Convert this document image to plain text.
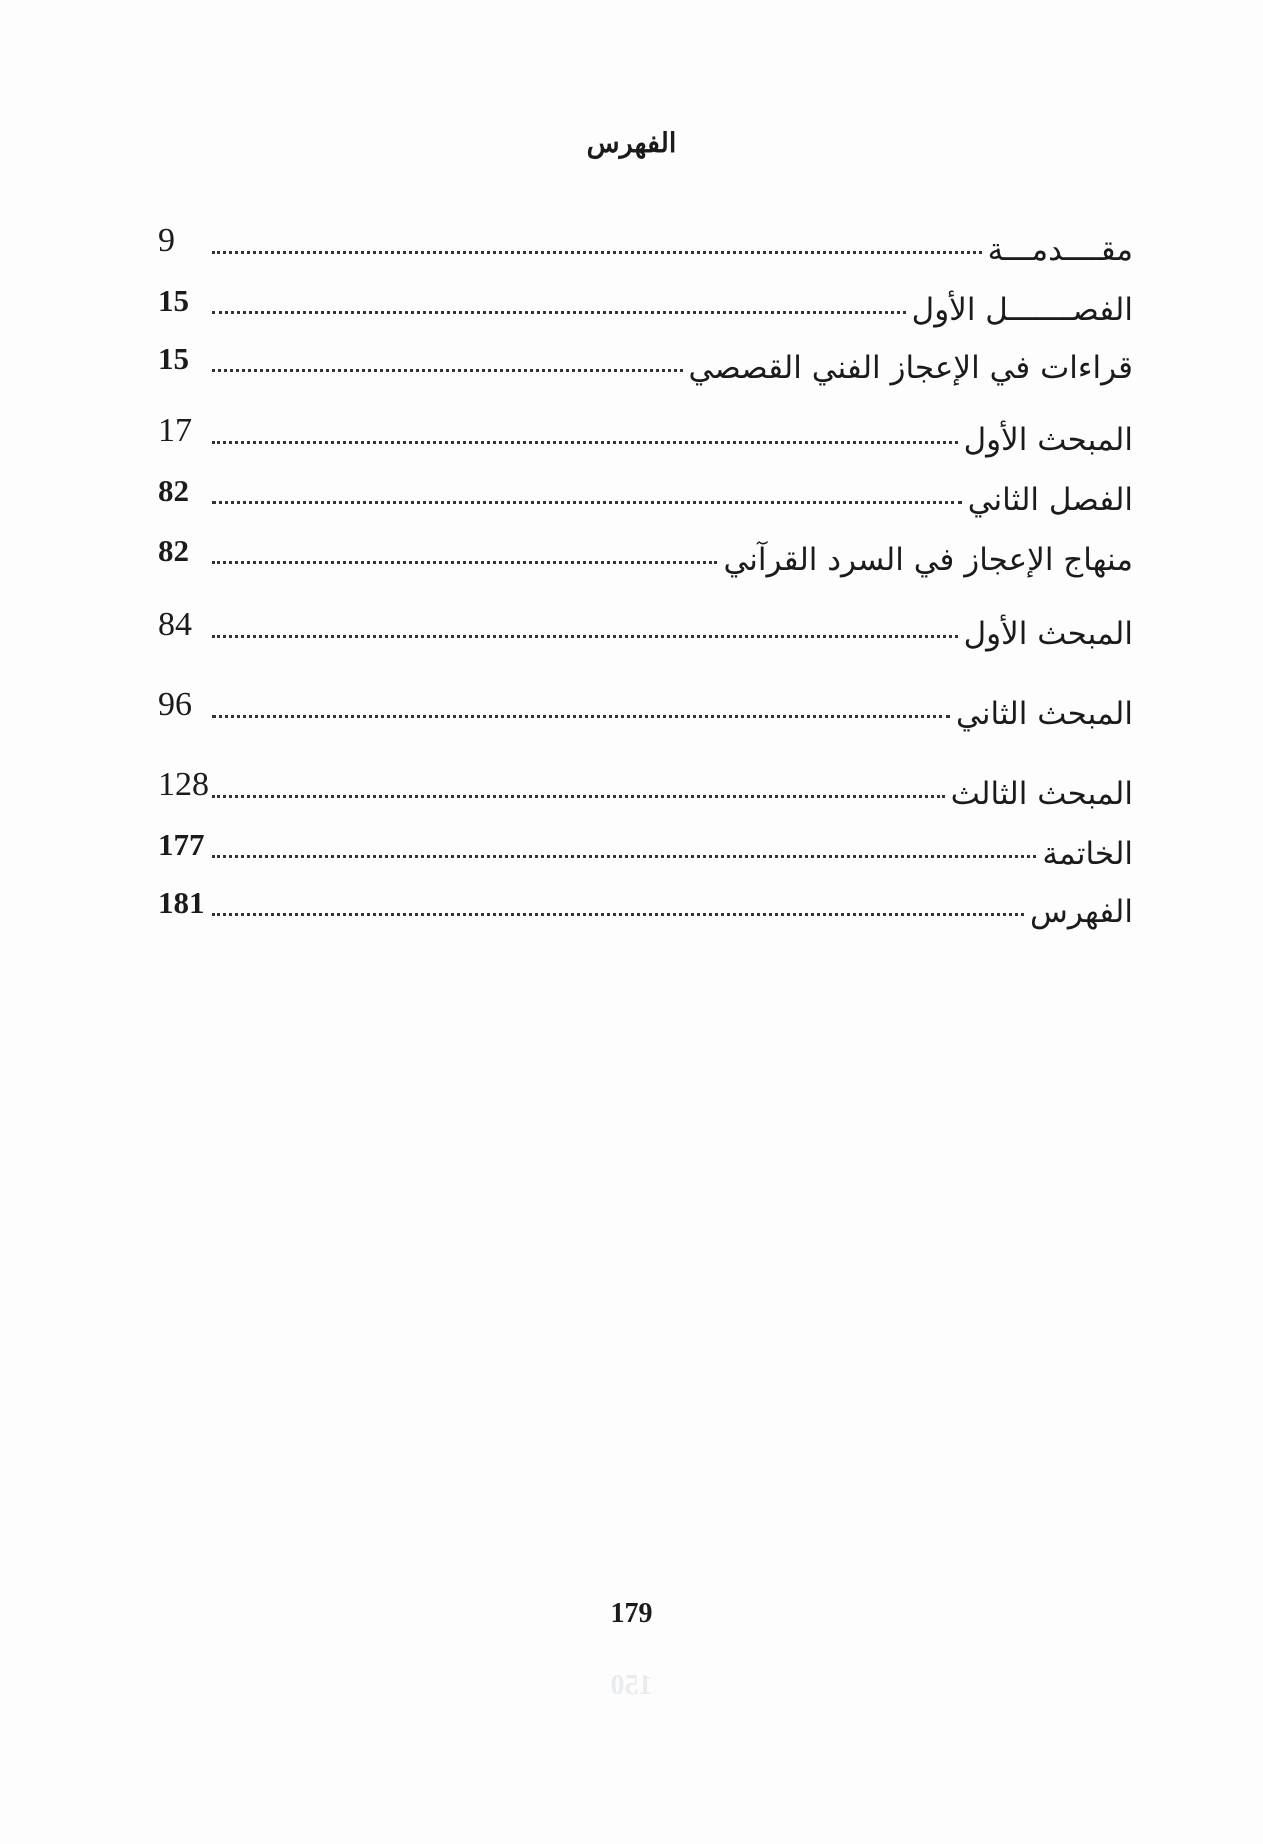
الفهرس
9	مقــــدمـــة
15	الفصـــــــل الأول
15	قراءات في الإعجاز الفني القصصي
17	المبحث الأول
82	الفصل الثاني
82	منهاج الإعجاز في السرد القرآني
84	المبحث الأول
96	المبحث الثاني
128	المبحث الثالث
177	الخاتمة
181	الفهرس
179
150
